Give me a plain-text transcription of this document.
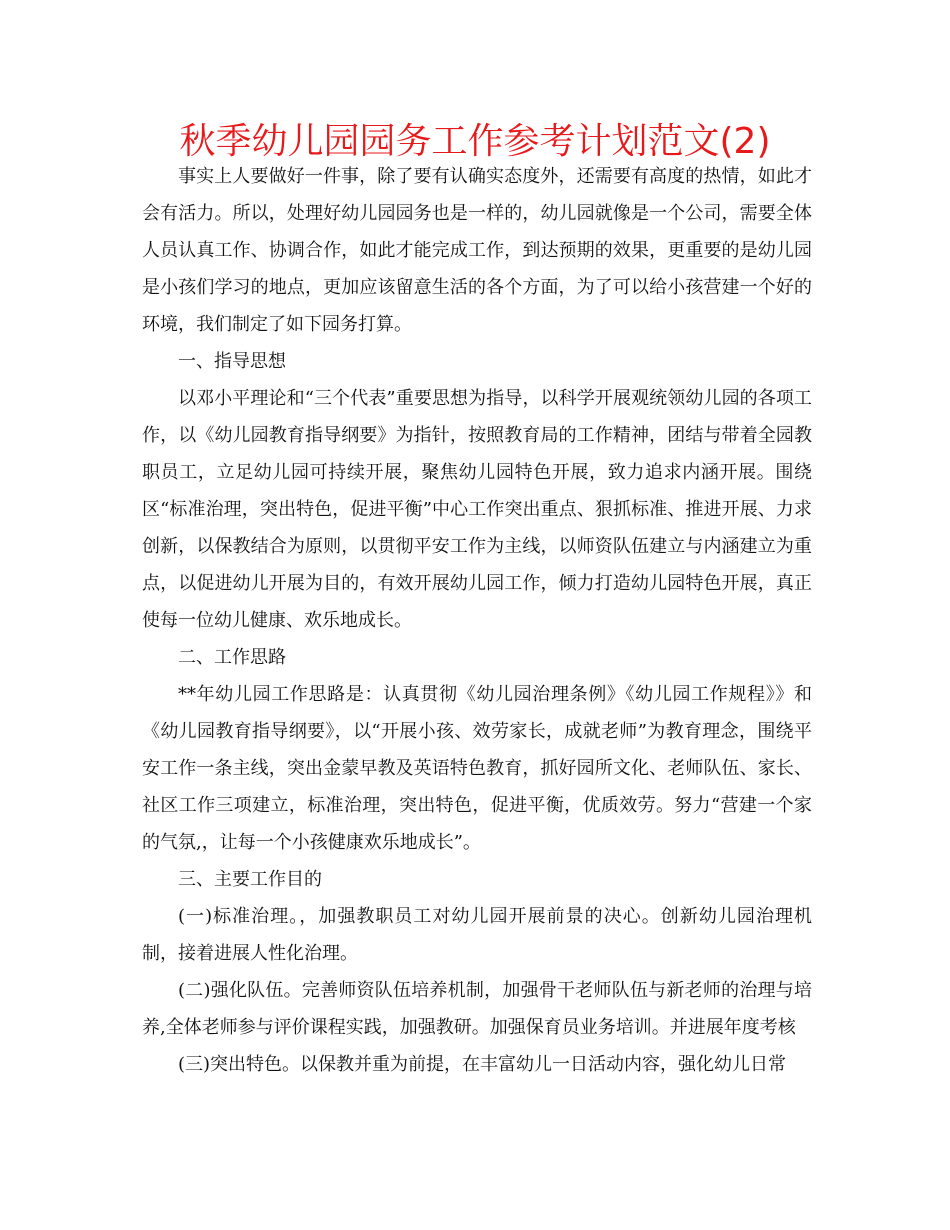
秋季幼儿园园务工作参考计划范文(2)

事实上人要做好一件事，除了要有认确实态度外，还需要有高度的热情，如此才会有活力。所以，处理好幼儿园园务也是一样的，幼儿园就像是一个公司，需要全体人员认真工作、协调合作，如此才能完成工作，到达预期的效果，更重要的是幼儿园是小孩们学习的地点，更加应该留意生活的各个方面，为了可以给小孩营建一个好的环境，我们制定了如下园务打算。

一、指导思想

以邓小平理论和“三个代表”重要思想为指导，以科学开展观统领幼儿园的各项工作，以《幼儿园教育指导纲要》为指针，按照教育局的工作精神，团结与带着全园教职员工，立足幼儿园可持续开展，聚焦幼儿园特色开展，致力追求内涵开展。围绕区“标准治理，突出特色，促进平衡”中心工作突出重点、狠抓标准、推进开展、力求创新，以保教结合为原则，以贯彻平安工作为主线，以师资队伍建立与内涵建立为重点，以促进幼儿开展为目的，有效开展幼儿园工作，倾力打造幼儿园特色开展，真正使每一位幼儿健康、欢乐地成长。

二、工作思路

**年幼儿园工作思路是：认真贯彻《幼儿园治理条例》《幼儿园工作规程》》和《幼儿园教育指导纲要》，以“开展小孩、效劳家长，成就老师”为教育理念，围绕平安工作一条主线，突出金蒙早教及英语特色教育，抓好园所文化、老师队伍、家长、社区工作三项建立，标准治理，突出特色，促进平衡，优质效劳。努力“营建一个家的气氛,，让每一个小孩健康欢乐地成长”。

三、主要工作目的

(一)标准治理。，加强教职员工对幼儿园开展前景的决心。创新幼儿园治理机制，接着进展人性化治理。

(二)强化队伍。完善师资队伍培养机制，加强骨干老师队伍与新老师的治理与培养,全体老师参与评价课程实践，加强教研。加强保育员业务培训。并进展年度考核

(三)突出特色。以保教并重为前提，在丰富幼儿一日活动内容，强化幼儿日常
